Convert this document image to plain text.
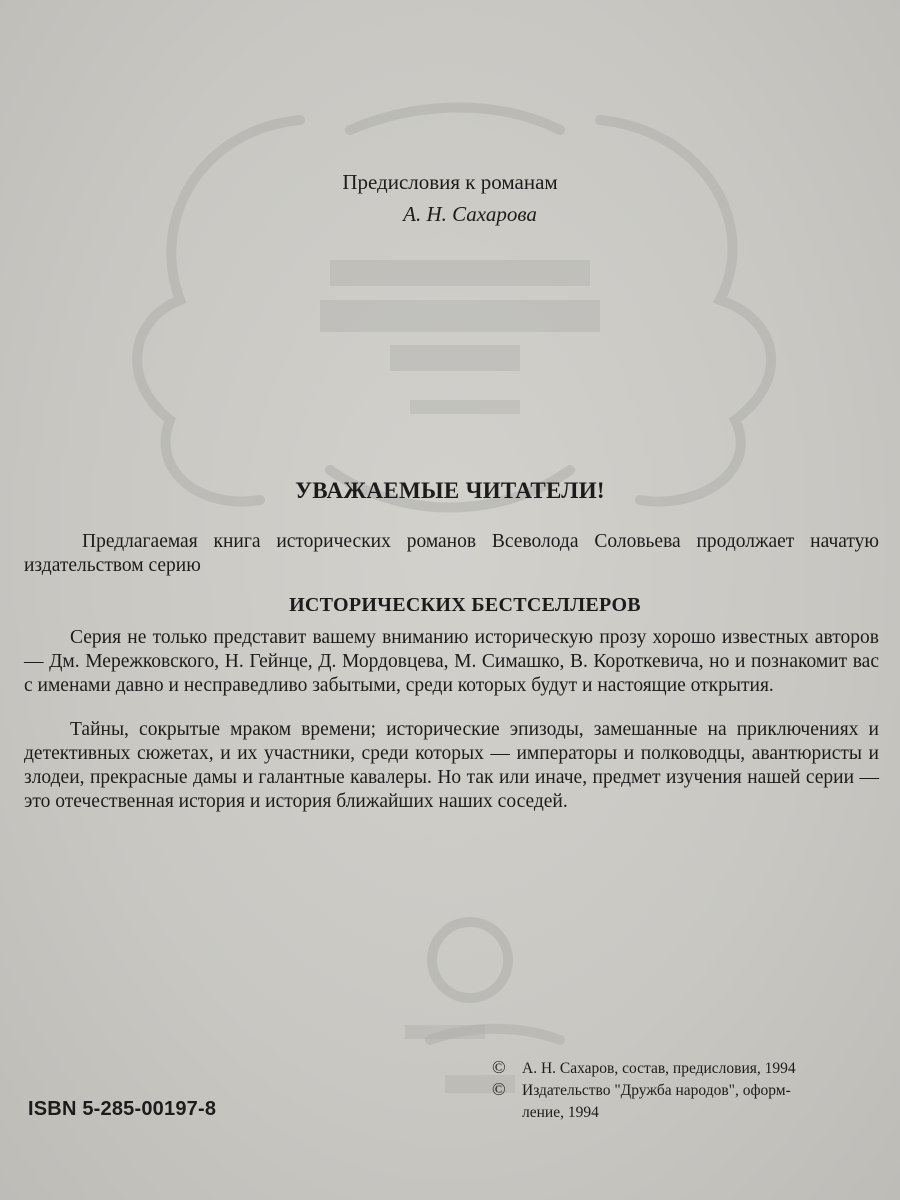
Предисловия к романам
А. Н. Сахарова
УВАЖАЕМЫЕ ЧИТАТЕЛИ!
Предлагаемая книга исторических романов Всеволода Соловьева продолжает начатую издательством серию
ИСТОРИЧЕСКИХ БЕСТСЕЛЛЕРОВ
Серия не только представит вашему вниманию историческую прозу хорошо известных авторов — Дм. Мережковского, Н. Гейнце, Д. Мордовцева, М. Симашко, В. Короткевича, но и познакомит вас с именами давно и несправедливо забытыми, среди которых будут и настоящие открытия.
Тайны, сокрытые мраком времени; исторические эпизоды, замешанные на приключениях и детективных сюжетах, и их участники, среди которых — императоры и полководцы, авантюристы и злодеи, прекрасные дамы и галантные кавалеры. Но так или иначе, предмет изучения нашей серии — это отечественная история и история ближайших наших соседей.
© А. Н. Сахаров, состав, предисловия, 1994
© Издательство "Дружба народов", оформ-
ление, 1994
ISBN 5-285-00197-8
